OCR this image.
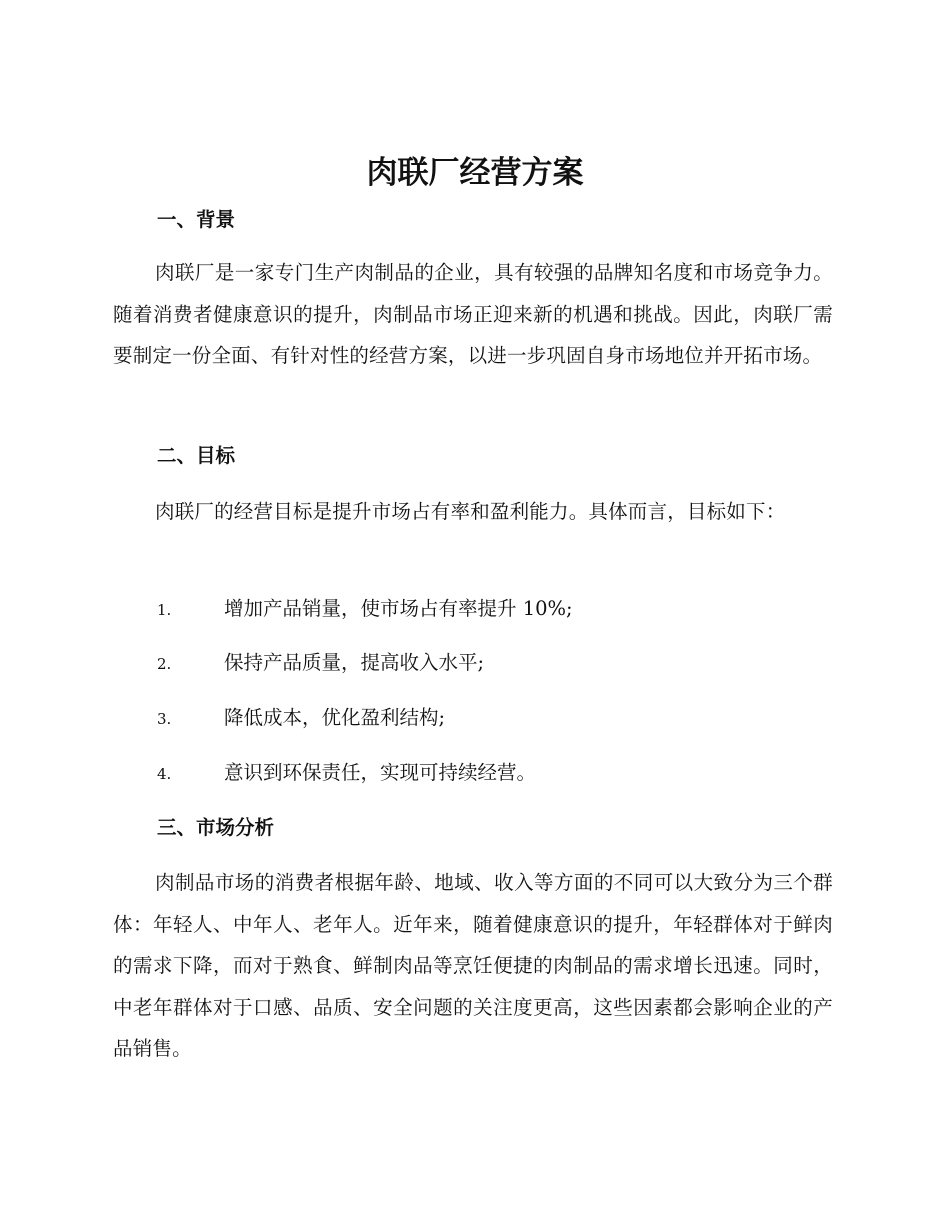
肉联厂经营方案
一、背景

肉联厂是一家专门生产肉制品的企业，具有较强的品牌知名度和市场竞争力。随着消费者健康意识的提升，肉制品市场正迎来新的机遇和挑战。因此，肉联厂需要制定一份全面、有针对性的经营方案，以进一步巩固自身市场地位并开拓市场。

二、目标

肉联厂的经营目标是提升市场占有率和盈利能力。具体而言，目标如下：

1.	增加产品销量，使市场占有率提升 10%;
2.	保持产品质量，提高收入水平;
3.	降低成本，优化盈利结构;
4.	意识到环保责任，实现可持续经营。
三、市场分析

肉制品市场的消费者根据年龄、地域、收入等方面的不同可以大致分为三个群体：年轻人、中年人、老年人。近年来，随着健康意识的提升，年轻群体对于鲜肉的需求下降，而对于熟食、鲜制肉品等烹饪便捷的肉制品的需求增长迅速。同时，中老年群体对于口感、品质、安全问题的关注度更高，这些因素都会影响企业的产品销售。
